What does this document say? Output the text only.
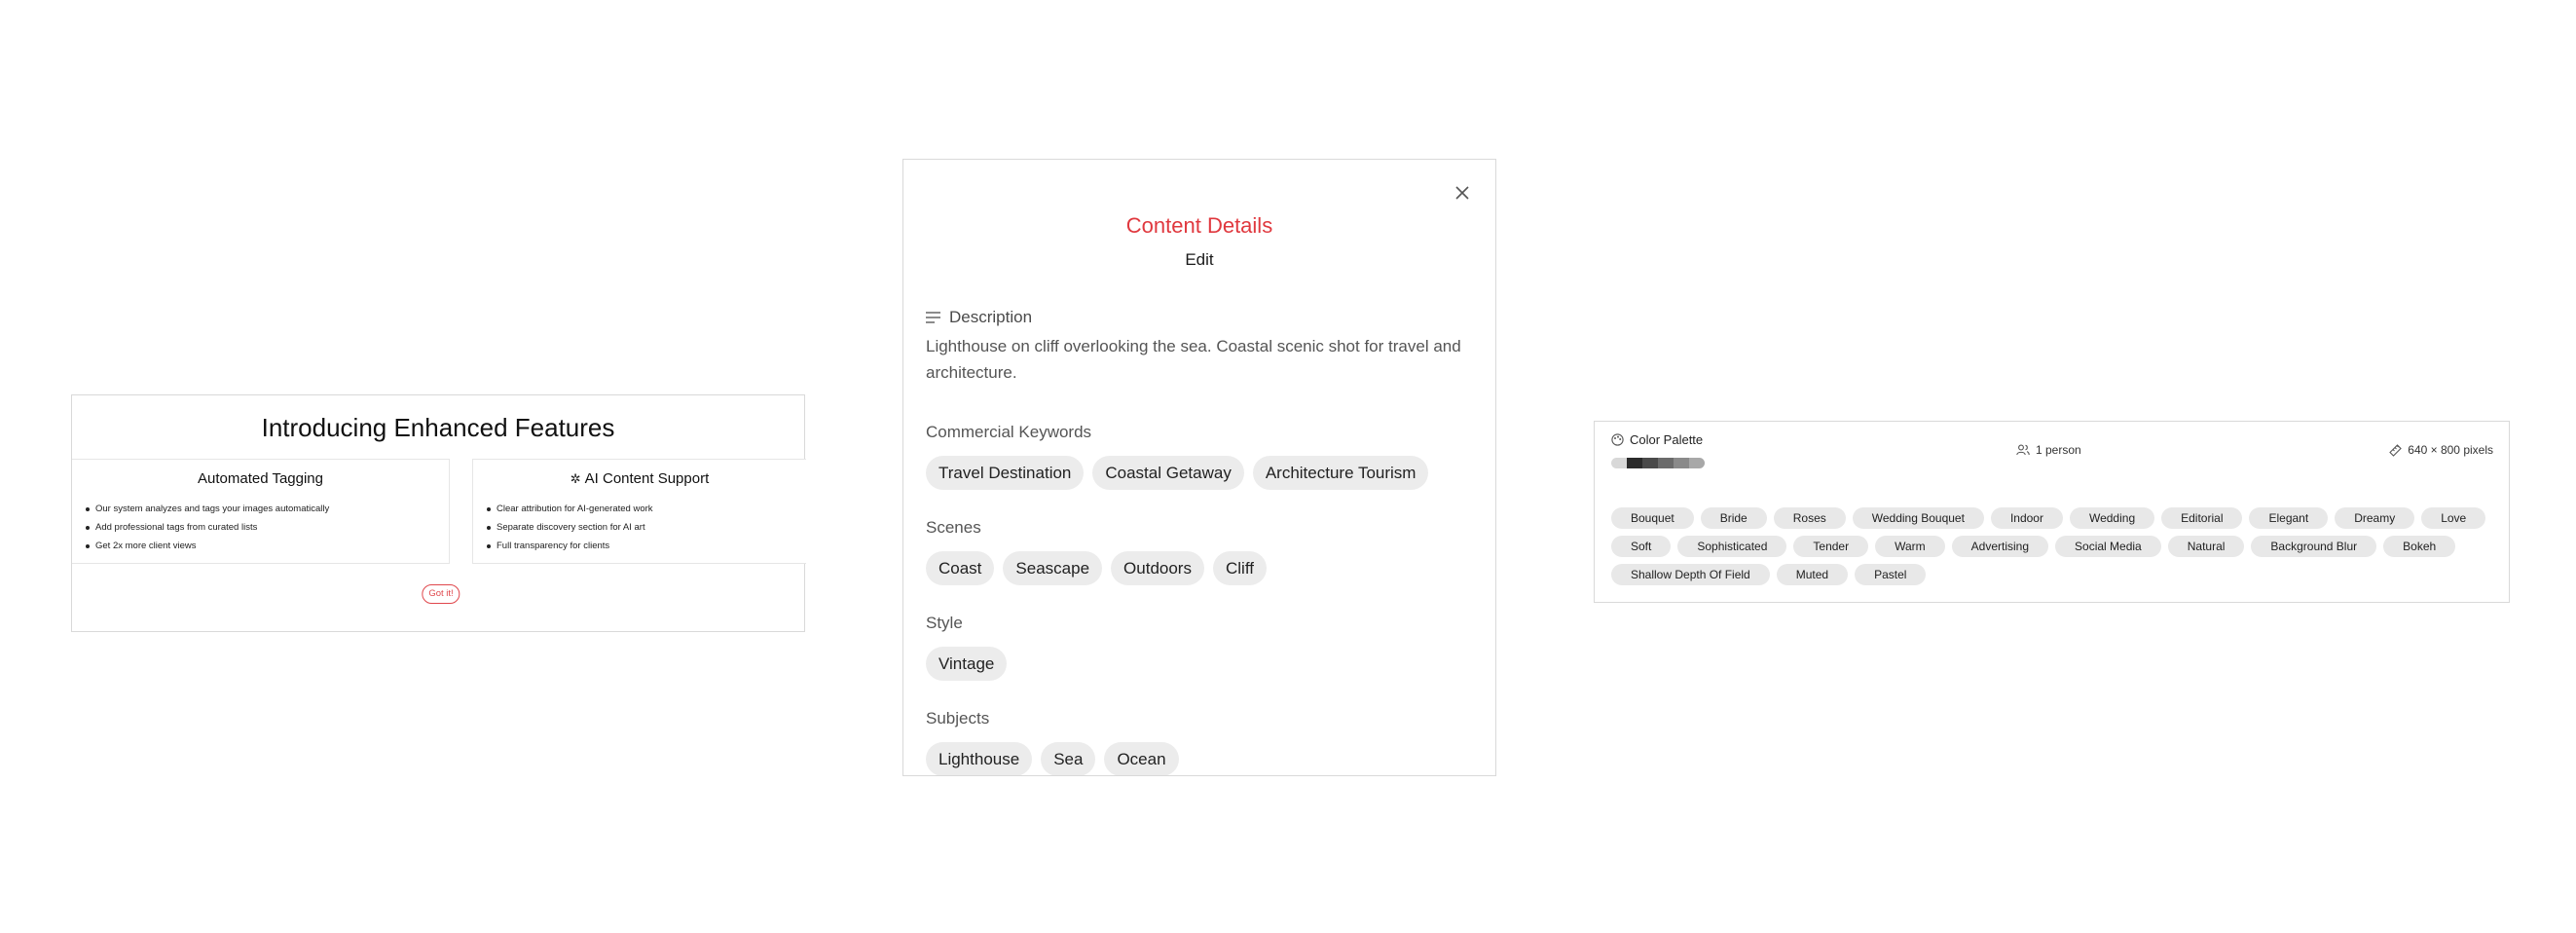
Introducing Enhanced Features
Automated Tagging
Our system analyzes and tags your images automatically
Add professional tags from curated lists
Get 2x more client views
✲ AI Content Support
Clear attribution for AI-generated work
Separate discovery section for AI art
Full transparency for clients
Got it!
Content Details
Edit
Description
Lighthouse on cliff overlooking the sea. Coastal scenic shot for travel and architecture.
Commercial Keywords
Travel Destination	Coastal Getaway	Architecture Tourism
Scenes
Coast	Seascape	Outdoors	Cliff
Style
Vintage
Subjects
Lighthouse	Sea	Ocean
Color Palette
1 person	640 × 800 pixels
Bouquet	Bride	Roses	Wedding Bouquet	Indoor	Wedding	Editorial	Elegant	Dreamy	Love
Soft	Sophisticated	Tender	Warm	Advertising	Social Media	Natural	Background Blur	Bokeh
Shallow Depth Of Field	Muted	Pastel
